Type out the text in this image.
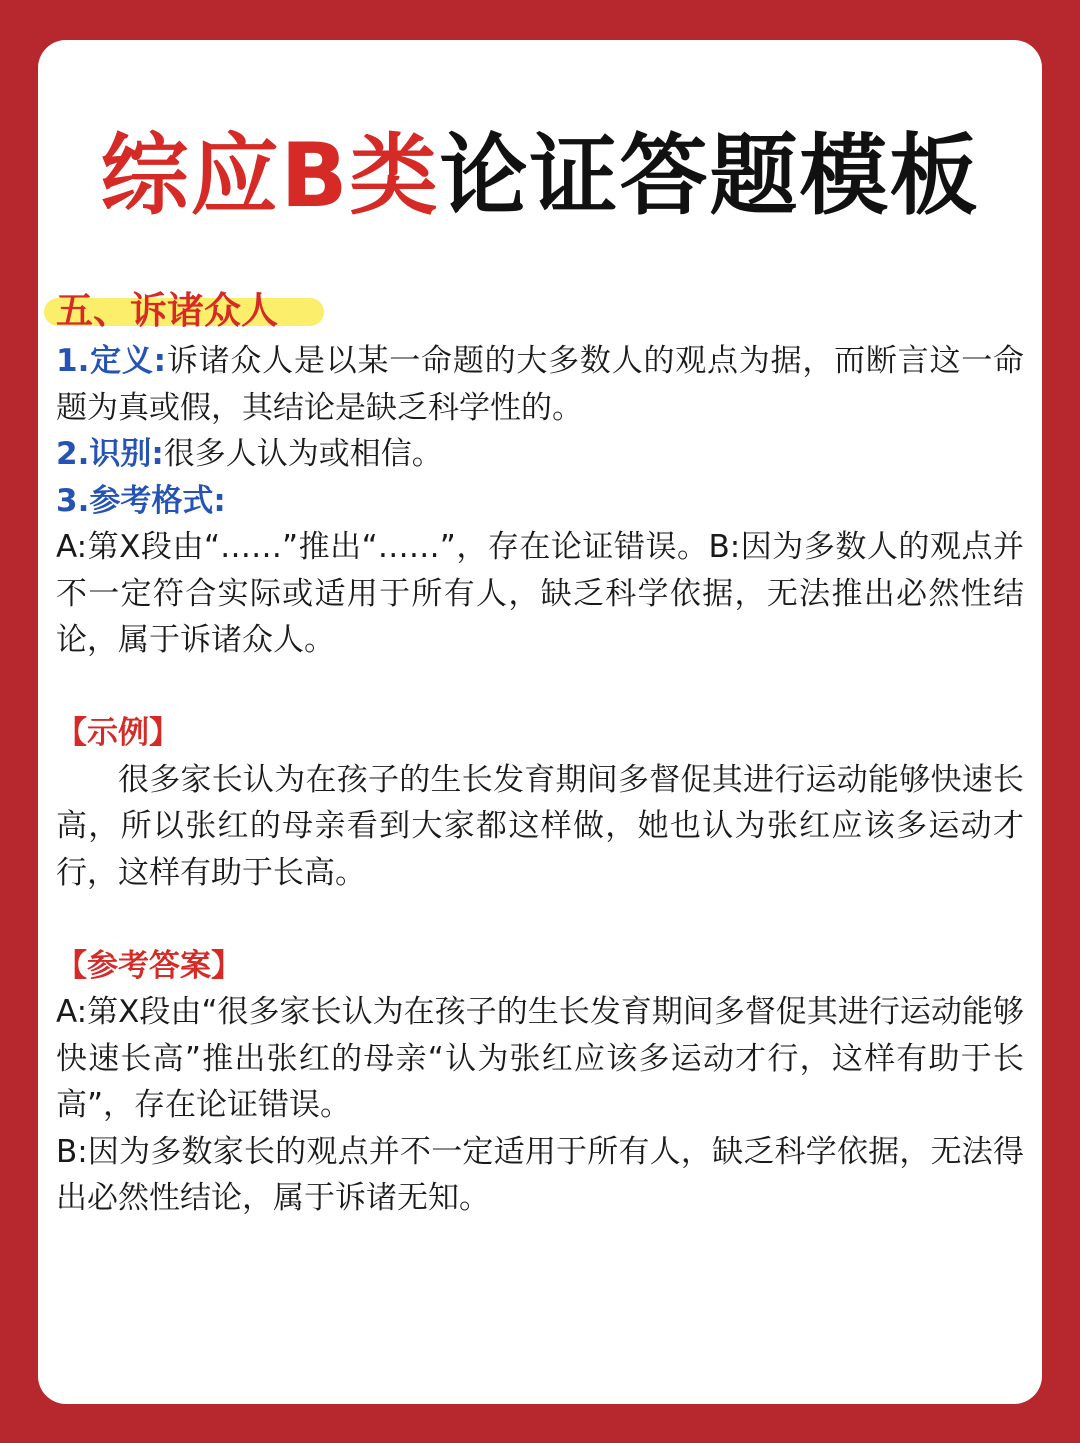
综应B类论证答题模板
五、诉诸众人

1.定义:诉诸众人是以某一命题的大多数人的观点为据，而断言这一命题为真或假，其结论是缺乏科学性的。

2.识别:很多人认为或相信。

3.参考格式:

A:第X段由“……”推出“……”，存在论证错误。B:因为多数人的观点并不一定符合实际或适用于所有人，缺乏科学依据，无法推出必然性结论，属于诉诸众人。

【示例】

很多家长认为在孩子的生长发育期间多督促其进行运动能够快速长高，所以张红的母亲看到大家都这样做，她也认为张红应该多运动才行，这样有助于长高。

【参考答案】

A:第X段由“很多家长认为在孩子的生长发育期间多督促其进行运动能够快速长高”推出张红的母亲“认为张红应该多运动才行，这样有助于长高”，存在论证错误。

B:因为多数家长的观点并不一定适用于所有人，缺乏科学依据，无法得出必然性结论，属于诉诸无知。
